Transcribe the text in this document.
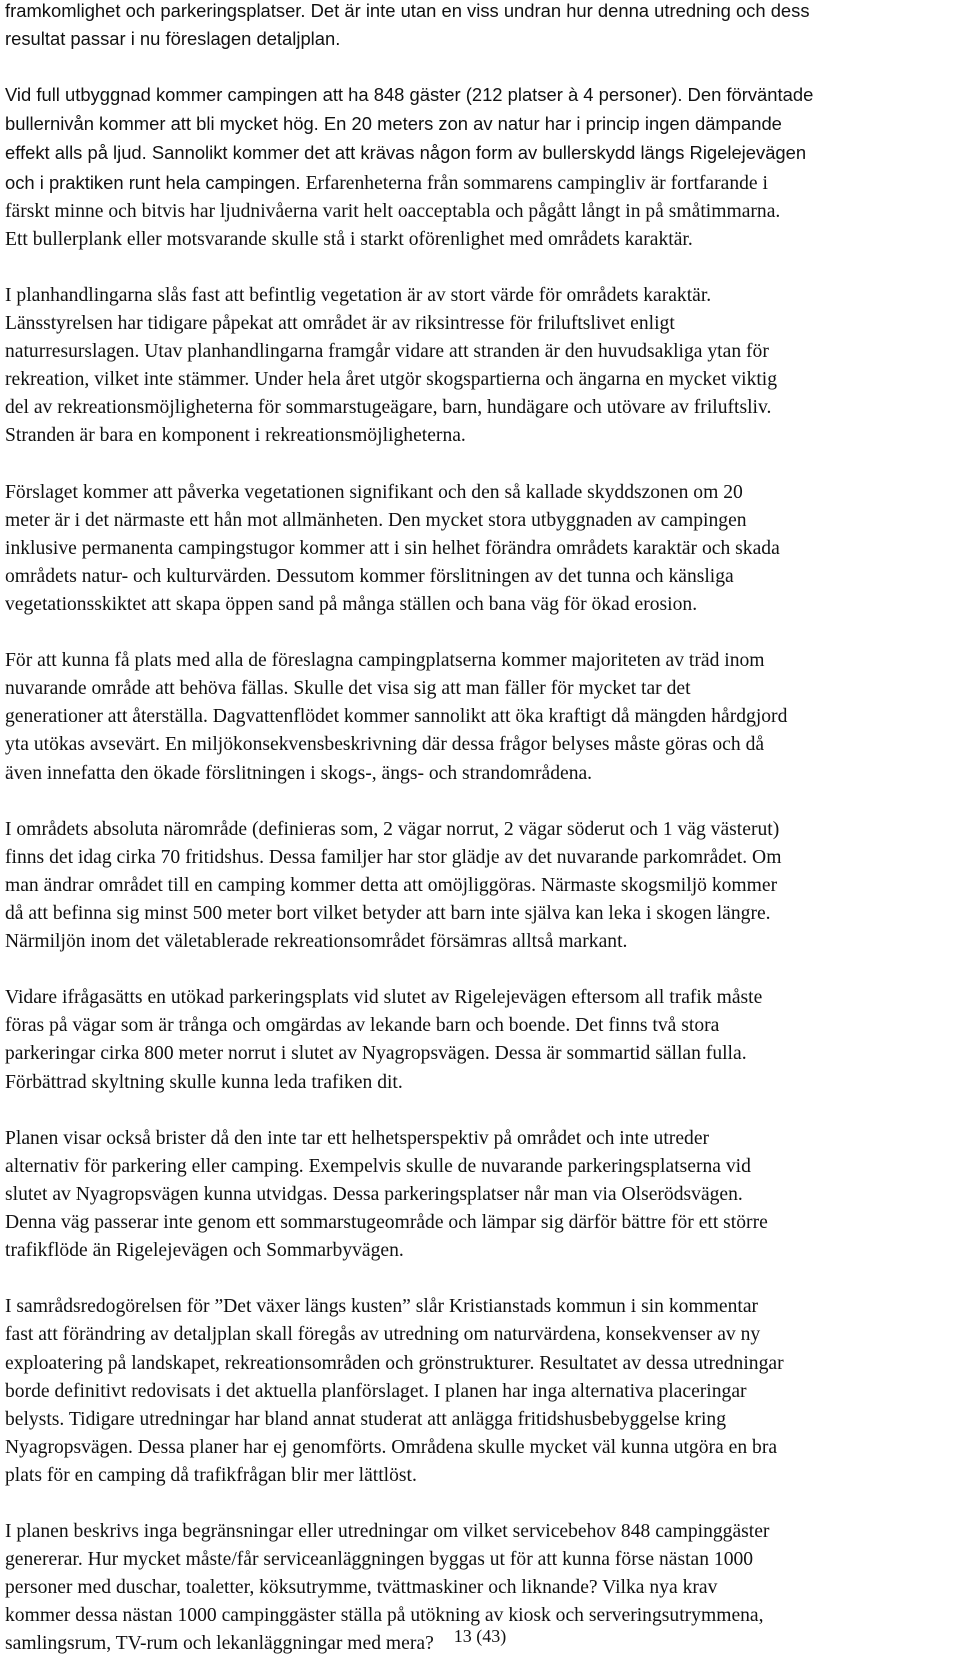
framkomlighet och parkeringsplatser. Det är inte utan en viss undran hur denna utredning och dess
resultat passar i nu föreslagen detaljplan.

Vid full utbyggnad kommer campingen att ha 848 gäster (212 platser à 4 personer). Den förväntade
bullernivån kommer att bli mycket hög. En 20 meters zon av natur har i princip ingen dämpande
effekt alls på ljud. Sannolikt kommer det att krävas någon form av bullerskydd längs Rigelejevägen
och i praktiken runt hela campingen. Erfarenheterna från sommarens campingliv är fortfarande i
färskt minne och bitvis har ljudnivåerna varit helt oacceptabla och pågått långt in på småtimmarna.
Ett bullerplank eller motsvarande skulle stå i starkt oförenlighet med områdets karaktär.

I planhandlingarna slås fast att befintlig vegetation är av stort värde för områdets karaktär.
Länsstyrelsen har tidigare påpekat att området är av riksintresse för friluftslivet enligt
naturresurslagen. Utav planhandlingarna framgår vidare att stranden är den huvudsakliga ytan för
rekreation, vilket inte stämmer. Under hela året utgör skogspartierna och ängarna en mycket viktig
del av rekreationsmöjligheterna för sommarstugeägare, barn, hundägare och utövare av friluftsliv.
Stranden är bara en komponent i rekreationsmöjligheterna.

Förslaget kommer att påverka vegetationen signifikant och den så kallade skyddszonen om 20
meter är i det närmaste ett hån mot allmänheten. Den mycket stora utbyggnaden av campingen
inklusive permanenta campingstugor kommer att i sin helhet förändra områdets karaktär och skada
områdets natur- och kulturvärden. Dessutom kommer förslitningen av det tunna och känsliga
vegetationsskiktet att skapa öppen sand på många ställen och bana väg för ökad erosion.

För att kunna få plats med alla de föreslagna campingplatserna kommer majoriteten av träd inom
nuvarande område att behöva fällas. Skulle det visa sig att man fäller för mycket tar det
generationer att återställa. Dagvattenflödet kommer sannolikt att öka kraftigt då mängden hårdgjord
yta utökas avsevärt. En miljökonsekvensbeskrivning där dessa frågor belyses måste göras och då
även innefatta den ökade förslitningen i skogs-, ängs- och strandområdena.

I områdets absoluta närområde (definieras som, 2 vägar norrut, 2 vägar söderut och 1 väg västerut)
finns det idag cirka 70 fritidshus. Dessa familjer har stor glädje av det nuvarande parkområdet. Om
man ändrar området till en camping kommer detta att omöjliggöras. Närmaste skogsmiljö kommer
då att befinna sig minst 500 meter bort vilket betyder att barn inte själva kan leka i skogen längre.
Närmiljön inom det väletablerade rekreationsområdet försämras alltså markant.

Vidare ifrågasätts en utökad parkeringsplats vid slutet av Rigelejevägen eftersom all trafik måste
föras på vägar som är trånga och omgärdas av lekande barn och boende. Det finns två stora
parkeringar cirka 800 meter norrut i slutet av Nyagropsvägen. Dessa är sommartid sällan fulla.
Förbättrad skyltning skulle kunna leda trafiken dit.

Planen visar också brister då den inte tar ett helhetsperspektiv på området och inte utreder
alternativ för parkering eller camping. Exempelvis skulle de nuvarande parkeringsplatserna vid
slutet av Nyagropsvägen kunna utvidgas. Dessa parkeringsplatser når man via Olserödsvägen.
Denna väg passerar inte genom ett sommarstugeområde och lämpar sig därför bättre för ett större
trafikflöde än Rigelejevägen och Sommarbyvägen.

I samrådsredogörelsen för ”Det växer längs kusten” slår Kristianstads kommun i sin kommentar
fast att förändring av detaljplan skall föregås av utredning om naturvärdena, konsekvenser av ny
exploatering på landskapet, rekreationsområden och grönstrukturer. Resultatet av dessa utredningar
borde definitivt redovisats i det aktuella planförslaget. I planen har inga alternativa placeringar
belysts. Tidigare utredningar har bland annat studerat att anlägga fritidshusbebyggelse kring
Nyagropsvägen. Dessa planer har ej genomförts. Områdena skulle mycket väl kunna utgöra en bra
plats för en camping då trafikfrågan blir mer lättlöst.

I planen beskrivs inga begränsningar eller utredningar om vilket servicebehov 848 campinggäster
genererar. Hur mycket måste/får serviceanläggningen byggas ut för att kunna förse nästan 1000
personer med duschar, toaletter, köksutrymme, tvättmaskiner och liknande? Vilka nya krav
kommer dessa nästan 1000 campinggäster ställa på utökning av kiosk och serveringsutrymmena,
samlingsrum, TV-rum och lekanläggningar med mera?	13 (43)
